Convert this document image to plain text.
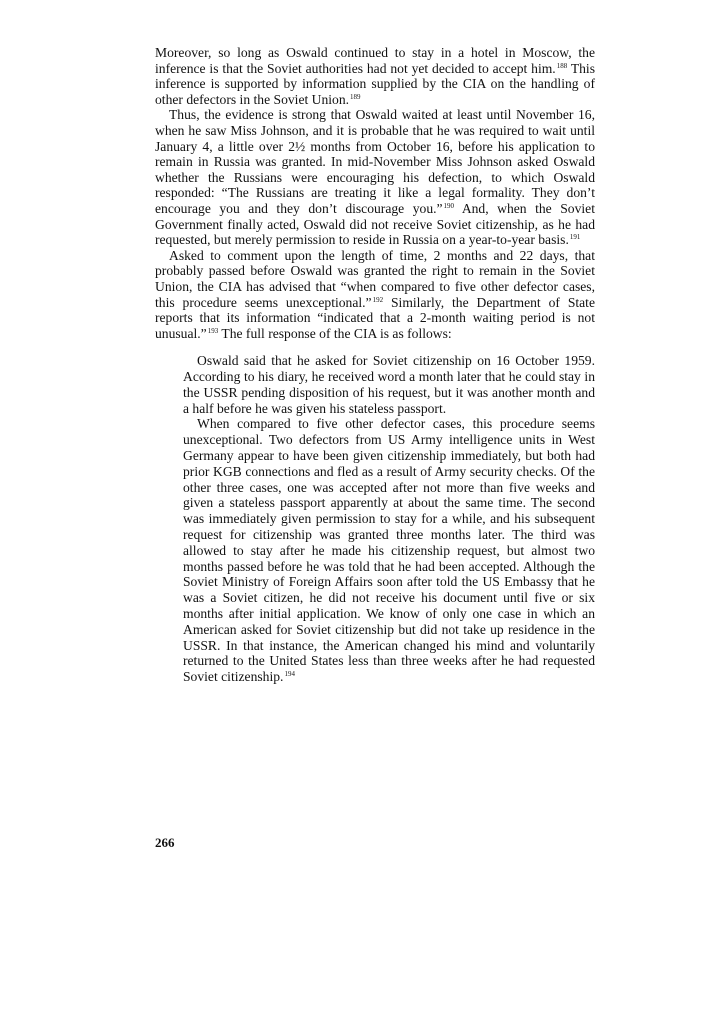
Moreover, so long as Oswald continued to stay in a hotel in Moscow, the inference is that the Soviet authorities had not yet decided to accept him.$^{188}$ This inference is supported by information supplied by the CIA on the handling of other defectors in the Soviet Union.$^{189}$

Thus, the evidence is strong that Oswald waited at least until November 16, when he saw Miss Johnson, and it is probable that he was required to wait until January 4, a little over 2½ months from October 16, before his application to remain in Russia was granted. In mid-November Miss Johnson asked Oswald whether the Russians were encouraging his defection, to which Oswald responded: “The Russians are treating it like a legal formality. They don’t encourage you and they don’t discourage you.”$^{190}$ And, when the Soviet Government finally acted, Oswald did not receive Soviet citizenship, as he had requested, but merely permission to reside in Russia on a year-to-year basis.$^{191}$

Asked to comment upon the length of time, 2 months and 22 days, that probably passed before Oswald was granted the right to remain in the Soviet Union, the CIA has advised that “when compared to five other defector cases, this procedure seems unexceptional.”$^{192}$ Similarly, the Department of State reports that its information “indicated that a 2-month waiting period is not unusual.”$^{193}$ The full response of the CIA is as follows:

Oswald said that he asked for Soviet citizenship on 16 October 1959. According to his diary, he received word a month later that he could stay in the USSR pending disposition of his request, but it was another month and a half before he was given his stateless passport.

When compared to five other defector cases, this procedure seems unexceptional. Two defectors from US Army intelligence units in West Germany appear to have been given citizenship immediately, but both had prior KGB connections and fled as a result of Army security checks. Of the other three cases, one was accepted after not more than five weeks and given a stateless passport apparently at about the same time. The second was immediately given permission to stay for a while, and his subsequent request for citizenship was granted three months later. The third was allowed to stay after he made his citizenship request, but almost two months passed before he was told that he had been accepted. Although the Soviet Ministry of Foreign Affairs soon after told the US Embassy that he was a Soviet citizen, he did not receive his document until five or six months after initial application. We know of only one case in which an American asked for Soviet citizenship but did not take up residence in the USSR. In that instance, the American changed his mind and voluntarily returned to the United States less than three weeks after he had requested Soviet citizenship.$^{194}$

266
